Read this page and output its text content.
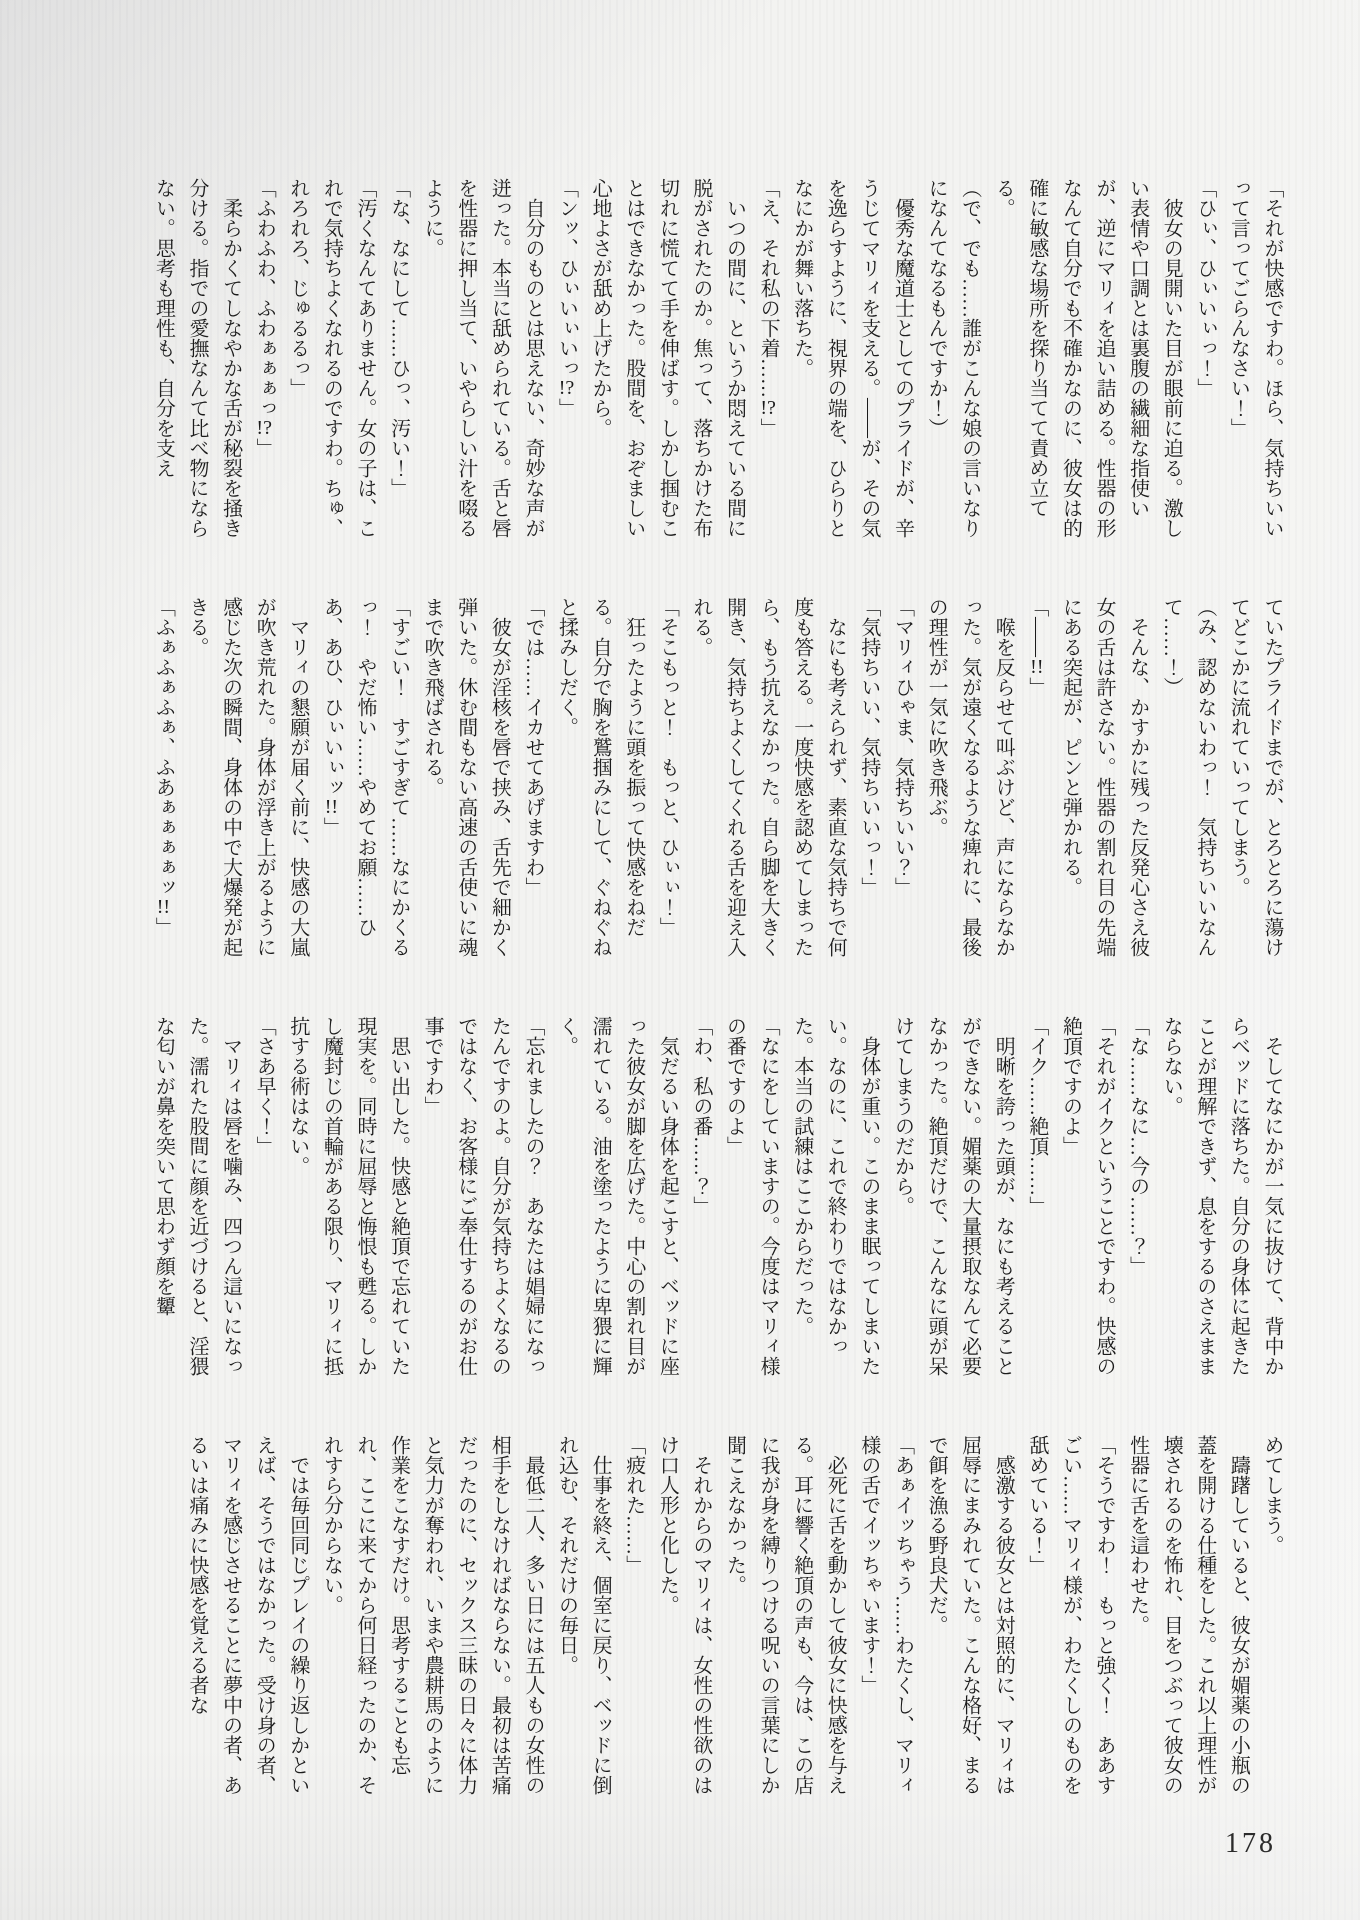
「それが快感ですわ。ほら、気持ちいいって言ってごらんなさい！」

「ひぃ、ひぃいぃっ！」

彼女の見開いた目が眼前に迫る。激しい表情や口調とは裏腹の繊細な指使いが、逆にマリィを追い詰める。性器の形なんて自分でも不確かなのに、彼女は的確に敏感な場所を探り当てて責め立てる。

（で、でも……誰がこんな娘の言いなりになんてなるもんですか！）

優秀な魔道士としてのプライドが、辛うじてマリィを支える。――が、その気を逸らすように、視界の端を、ひらりとなにかが舞い落ちた。

「え、それ私の下着……!?」

いつの間に、というか悶えている間に脱がされたのか。焦って、落ちかけた布切れに慌てて手を伸ばす。しかし掴むことはできなかった。股間を、おぞましい心地よさが舐め上げたから。

「ンッ、ひぃいぃいっ!?」

自分のものとは思えない、奇妙な声が迸った。本当に舐められている。舌と唇を性器に押し当て、いやらしい汁を啜るように。

「な、なにして……ひっ、汚い！」

「汚くなんてありません。女の子は、これで気持ちよくなれるのですわ。ちゅ、れろれろ、じゅるるっ」

「ふわふわ、ふわぁぁぁっ!?」

柔らかくてしなやかな舌が秘裂を掻き分ける。指での愛撫なんて比べ物にならない。思考も理性も、自分を支え

ていたプライドまでが、とろとろに蕩けてどこかに流れていってしまう。

（み、認めないわっ！　気持ちいいなんて……！）

そんな、かすかに残った反発心さえ彼女の舌は許さない。性器の割れ目の先端にある突起が、ピンと弾かれる。

「――!!」

喉を反らせて叫ぶけど、声にならなかった。気が遠くなるような痺れに、最後の理性が一気に吹き飛ぶ。

「マリィひゃま、気持ちいい？」

「気持ちいい、気持ちいいっ！」

なにも考えられず、素直な気持ちで何度も答える。一度快感を認めてしまったら、もう抗えなかった。自ら脚を大きく開き、気持ちよくしてくれる舌を迎え入れる。

「そこもっと！　もっと、ひぃぃ！」

狂ったように頭を振って快感をねだる。自分で胸を鷲掴みにして、ぐねぐねと揉みしだく。

「では……イカせてあげますわ」

彼女が淫核を唇で挟み、舌先で細かく弾いた。休む間もない高速の舌使いに魂まで吹き飛ばされる。

「すごい！　すごすぎて……なにかくるっ！　やだ怖い……やめてお願……ひあ、あひ、ひぃいぃッ!!」

マリィの懇願が届く前に、快感の大嵐が吹き荒れた。身体が浮き上がるように感じた次の瞬間、身体の中で大爆発が起きる。

「ふぁふぁふぁ、ふあぁぁぁぁッ!!」

そしてなにかが一気に抜けて、背中からベッドに落ちた。自分の身体に起きたことが理解できず、息をするのさえままならない。

「な……なに…今の……？」

「それがイクということですわ。快感の絶頂ですのよ」

「イク……絶頂……」

明晰を誇った頭が、なにも考えることができない。媚薬の大量摂取なんて必要なかった。絶頂だけで、こんなに頭が呆けてしまうのだから。

身体が重い。このまま眠ってしまいたい。なのに、これで終わりではなかった。本当の試練はここからだった。

「なにをしていますの。今度はマリィ様の番ですのよ」

「わ、私の番……？」

気だるい身体を起こすと、ベッドに座った彼女が脚を広げた。中心の割れ目が濡れている。油を塗ったように卑猥に輝く。

「忘れましたの？　あなたは娼婦になったんですのよ。自分が気持ちよくなるのではなく、お客様にご奉仕するのがお仕事ですわ」

思い出した。快感と絶頂で忘れていた現実を。同時に屈辱と悔恨も甦る。しかし魔封じの首輪がある限り、マリィに抵抗する術はない。

「さあ早く！」

マリィは唇を噛み、四つん這いになった。濡れた股間に顔を近づけると、淫猥な匂いが鼻を突いて思わず顔を顰

めてしまう。

躊躇していると、彼女が媚薬の小瓶の蓋を開ける仕種をした。これ以上理性が壊されるのを怖れ、目をつぶって彼女の性器に舌を這わせた。

「そうですわ！　もっと強く！　ああすごい……マリィ様が、わたくしのものを舐めている！」

感激する彼女とは対照的に、マリィは屈辱にまみれていた。こんな格好、まるで餌を漁る野良犬だ。

「あぁイッちゃう……わたくし、マリィ様の舌でイッちゃいます！」

必死に舌を動かして彼女に快感を与える。耳に響く絶頂の声も、今は、この店に我が身を縛りつける呪いの言葉にしか聞こえなかった。

それからのマリィは、女性の性欲のはけ口人形と化した。

「疲れた……」

仕事を終え、個室に戻り、ベッドに倒れ込む、それだけの毎日。

最低二人、多い日には五人もの女性の相手をしなければならない。最初は苦痛だったのに、セックス三昧の日々に体力と気力が奪われ、いまや農耕馬のように作業をこなすだけ。思考することも忘れ、ここに来てから何日経ったのか、それすら分からない。

では毎回同じプレイの繰り返しかといえば、そうではなかった。受け身の者、マリィを感じさせることに夢中の者、あるいは痛みに快感を覚える者な

178
